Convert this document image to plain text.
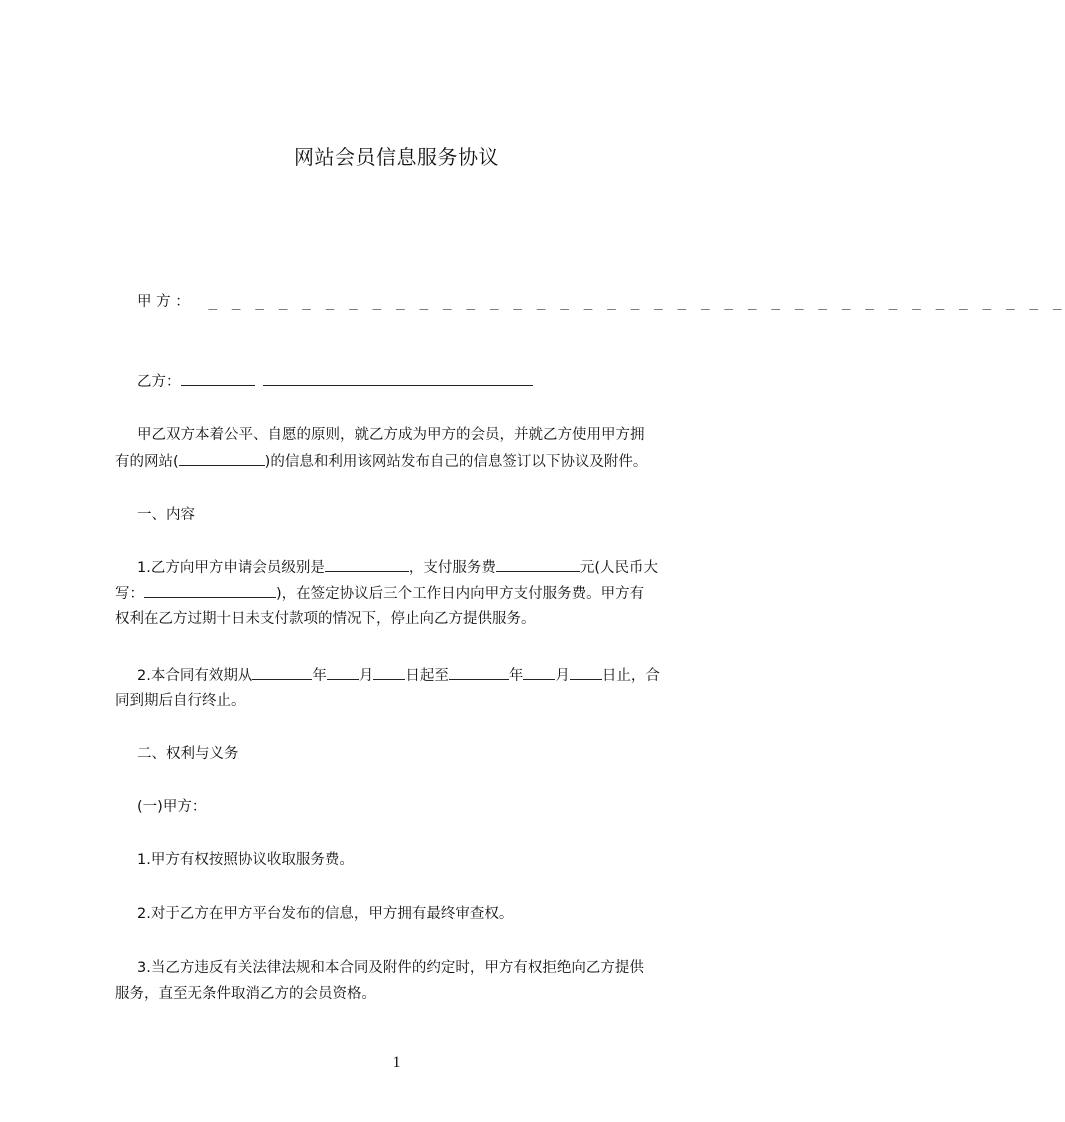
网站会员信息服务协议
甲 方 ： _ _ _ _ _ _ _ _ _ _ _ _ _ _ _ _ _ _ _ _ _ _ _ _ _ _ _ _ _ _ _ _ _ _ _ _ _
乙方：
甲乙双方本着公平、自愿的原则，就乙方成为甲方的会员，并就乙方使用甲方拥
有的网站(	)的信息和利用该网站发布自己的信息签订以下协议及附件。
一、内容
1.乙方向甲方申请会员级别是	，支付服务费	元(人民币大
写：	)，在签定协议后三个工作日内向甲方支付服务费。甲方有
权利在乙方过期十日未支付款项的情况下，停止向乙方提供服务。
2.本合同有效期从	年 月 日起至	年 月 日止，合
同到期后自行终止。
二、权利与义务
(一)甲方：
1.甲方有权按照协议收取服务费。
2.对于乙方在甲方平台发布的信息，甲方拥有最终审查权。
3.当乙方违反有关法律法规和本合同及附件的约定时，甲方有权拒绝向乙方提供
服务，直至无条件取消乙方的会员资格。
1
